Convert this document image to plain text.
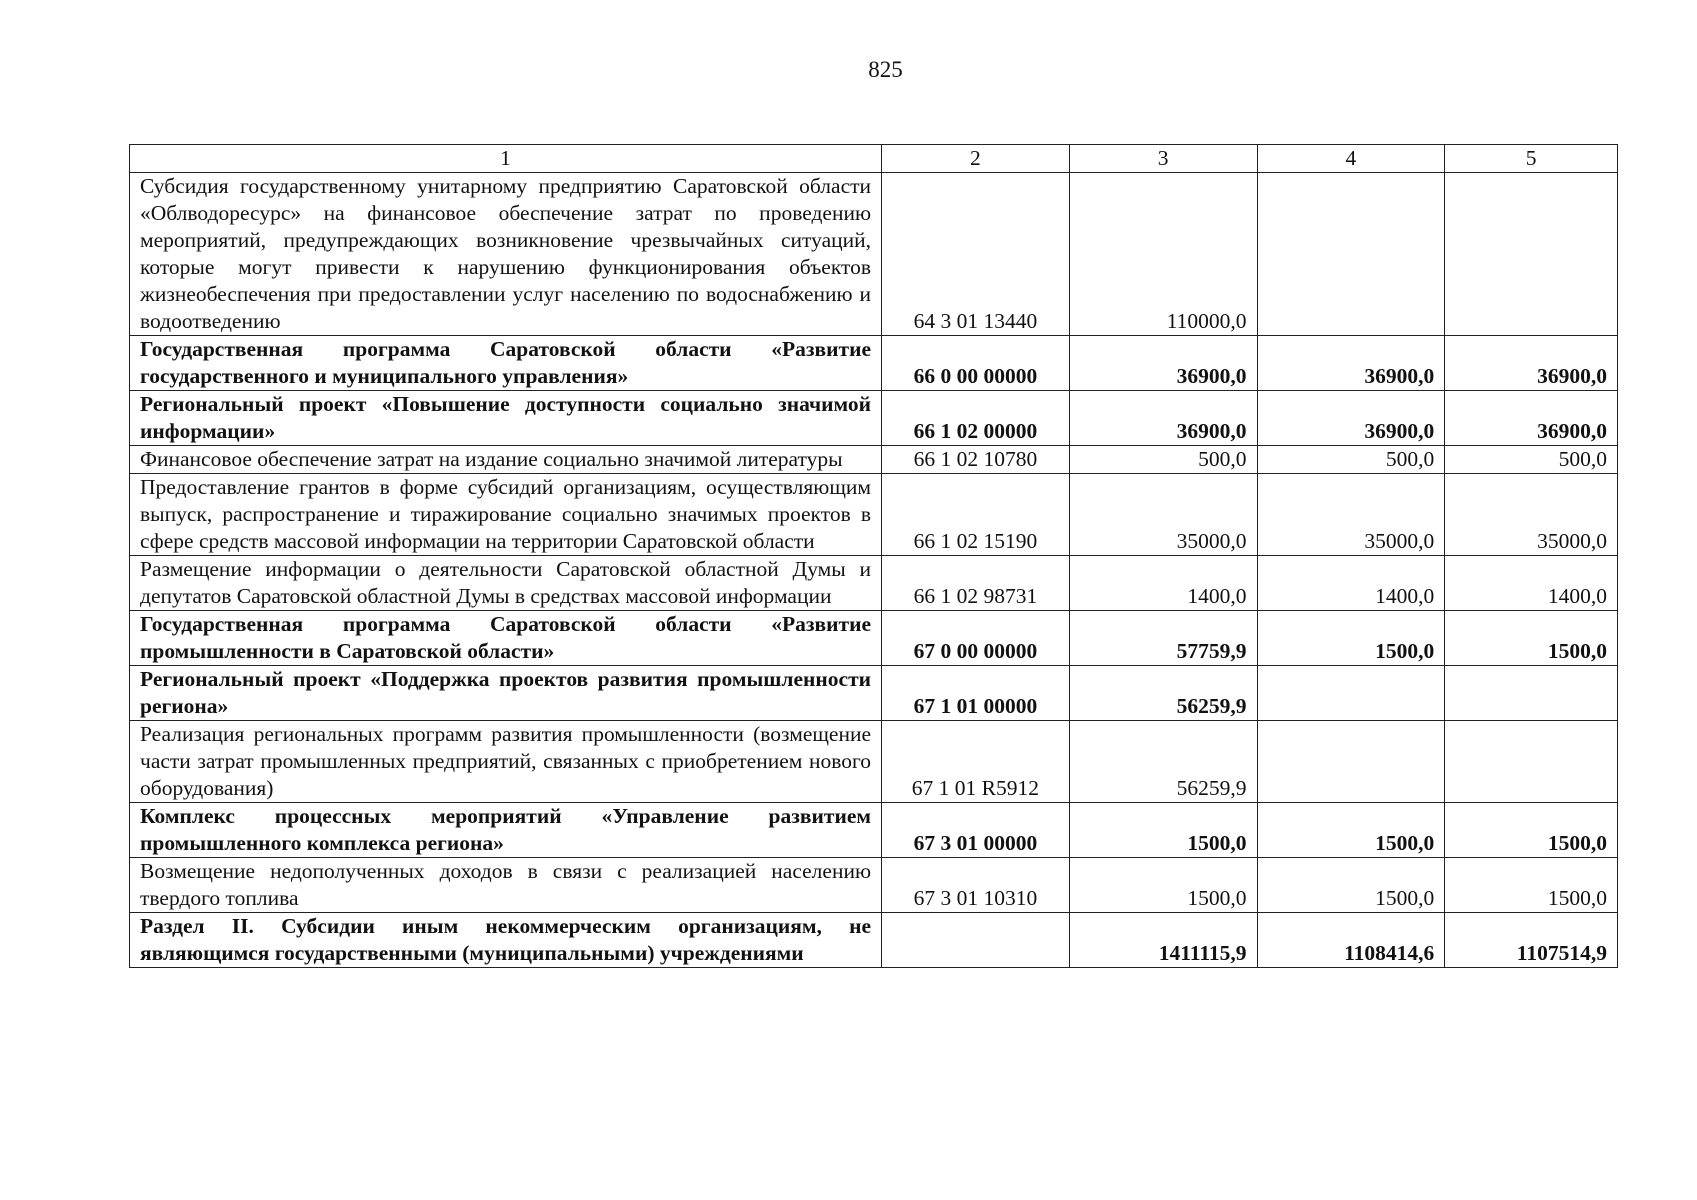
825
1	2	3	4	5
Субсидия государственному унитарному предприятию Саратовской области «Облводоресурс» на финансовое обеспечение затрат по проведению мероприятий, предупреждающих возникновение чрезвычайных ситуаций, которые могут привести к нарушению функционирования объектов жизнеобеспечения при предоставлении услуг населению по водоснабжению и водоотведению	64 3 01 13440	110000,0		
Государственная программа Саратовской области «Развитие государственного и муниципального управления»	66 0 00 00000	36900,0	36900,0	36900,0
Региональный проект «Повышение доступности социально значимой информации»	66 1 02 00000	36900,0	36900,0	36900,0
Финансовое обеспечение затрат на издание социально значимой литературы	66 1 02 10780	500,0	500,0	500,0
Предоставление грантов в форме субсидий организациям, осуществляющим выпуск, распространение и тиражирование социально значимых проектов в сфере средств массовой информации на территории Саратовской области	66 1 02 15190	35000,0	35000,0	35000,0
Размещение информации о деятельности Саратовской областной Думы и депутатов Саратовской областной Думы в средствах массовой информации	66 1 02 98731	1400,0	1400,0	1400,0
Государственная программа Саратовской области «Развитие промышленности в Саратовской области»	67 0 00 00000	57759,9	1500,0	1500,0
Региональный проект «Поддержка проектов развития промышленности региона»	67 1 01 00000	56259,9		
Реализация региональных программ развития промышленности (возмещение части затрат промышленных предприятий, связанных с приобретением нового оборудования)	67 1 01 R5912	56259,9		
Комплекс процессных мероприятий «Управление развитием промышленного комплекса региона»	67 3 01 00000	1500,0	1500,0	1500,0
Возмещение недополученных доходов в связи с реализацией населению твердого топлива	67 3 01 10310	1500,0	1500,0	1500,0
Раздел II. Субсидии иным некоммерческим организациям, не являющимся государственными (муниципальными) учреждениями		1411115,9	1108414,6	1107514,9
